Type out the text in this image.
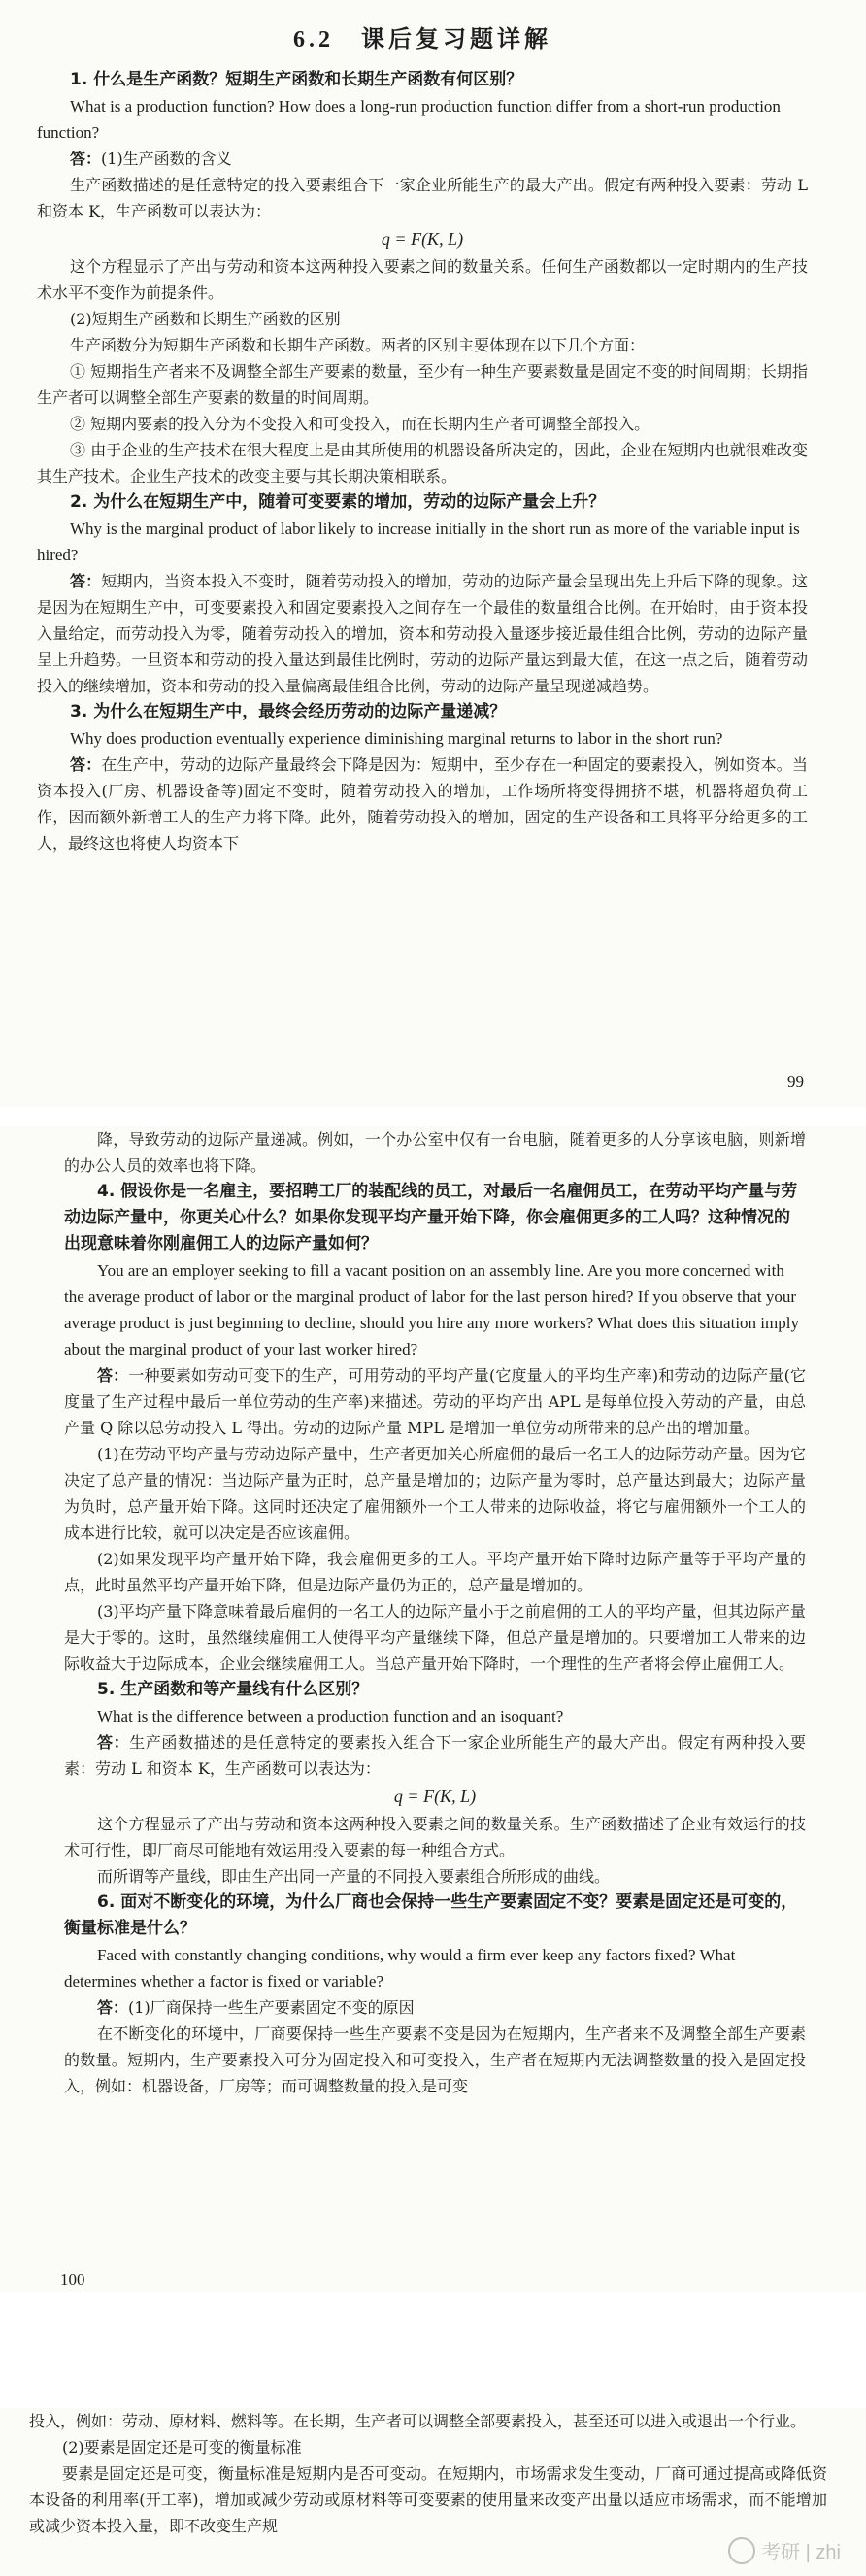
6.2　课后复习题详解

1. 什么是生产函数？短期生产函数和长期生产函数有何区别？

What is a production function? How does a long-run production function differ from a short-run production function?

答：(1)生产函数的含义

生产函数描述的是任意特定的投入要素组合下一家企业所能生产的最大产出。假定有两种投入要素：劳动 L 和资本 K，生产函数可以表达为：

q = F(K, L)

这个方程显示了产出与劳动和资本这两种投入要素之间的数量关系。任何生产函数都以一定时期内的生产技术水平不变作为前提条件。

(2)短期生产函数和长期生产函数的区别

生产函数分为短期生产函数和长期生产函数。两者的区别主要体现在以下几个方面：

① 短期指生产者来不及调整全部生产要素的数量，至少有一种生产要素数量是固定不变的时间周期；长期指生产者可以调整全部生产要素的数量的时间周期。

② 短期内要素的投入分为不变投入和可变投入，而在长期内生产者可调整全部投入。

③ 由于企业的生产技术在很大程度上是由其所使用的机器设备所决定的，因此，企业在短期内也就很难改变其生产技术。企业生产技术的改变主要与其长期决策相联系。

2. 为什么在短期生产中，随着可变要素的增加，劳动的边际产量会上升？

Why is the marginal product of labor likely to increase initially in the short run as more of the variable input is hired?

答：短期内，当资本投入不变时，随着劳动投入的增加，劳动的边际产量会呈现出先上升后下降的现象。这是因为在短期生产中，可变要素投入和固定要素投入之间存在一个最佳的数量组合比例。在开始时，由于资本投入量给定，而劳动投入为零，随着劳动投入的增加，资本和劳动投入量逐步接近最佳组合比例，劳动的边际产量呈上升趋势。一旦资本和劳动的投入量达到最佳比例时，劳动的边际产量达到最大值，在这一点之后，随着劳动投入的继续增加，资本和劳动的投入量偏离最佳组合比例，劳动的边际产量呈现递减趋势。

3. 为什么在短期生产中，最终会经历劳动的边际产量递减？

Why does production eventually experience diminishing marginal returns to labor in the short run?

答：在生产中，劳动的边际产量最终会下降是因为：短期中，至少存在一种固定的要素投入，例如资本。当资本投入(厂房、机器设备等)固定不变时，随着劳动投入的增加，工作场所将变得拥挤不堪，机器将超负荷工作，因而额外新增工人的生产力将下降。此外，随着劳动投入的增加，固定的生产设备和工具将平分给更多的工人，最终这也将使人均资本下

99

降，导致劳动的边际产量递减。例如，一个办公室中仅有一台电脑，随着更多的人分享该电脑，则新增的办公人员的效率也将下降。

4. 假设你是一名雇主，要招聘工厂的装配线的员工，对最后一名雇佣员工，在劳动平均产量与劳动边际产量中，你更关心什么？如果你发现平均产量开始下降，你会雇佣更多的工人吗？这种情况的出现意味着你刚雇佣工人的边际产量如何？

You are an employer seeking to fill a vacant position on an assembly line. Are you more concerned with the average product of labor or the marginal product of labor for the last person hired? If you observe that your average product is just beginning to decline, should you hire any more workers? What does this situation imply about the marginal product of your last worker hired?

答：一种要素如劳动可变下的生产，可用劳动的平均产量(它度量人的平均生产率)和劳动的边际产量(它度量了生产过程中最后一单位劳动的生产率)来描述。劳动的平均产出 APL 是每单位投入劳动的产量，由总产量 Q 除以总劳动投入 L 得出。劳动的边际产量 MPL 是增加一单位劳动所带来的总产出的增加量。

(1)在劳动平均产量与劳动边际产量中，生产者更加关心所雇佣的最后一名工人的边际劳动产量。因为它决定了总产量的情况：当边际产量为正时，总产量是增加的；边际产量为零时，总产量达到最大；边际产量为负时，总产量开始下降。这同时还决定了雇佣额外一个工人带来的边际收益，将它与雇佣额外一个工人的成本进行比较，就可以决定是否应该雇佣。

(2)如果发现平均产量开始下降，我会雇佣更多的工人。平均产量开始下降时边际产量等于平均产量的点，此时虽然平均产量开始下降，但是边际产量仍为正的，总产量是增加的。

(3)平均产量下降意味着最后雇佣的一名工人的边际产量小于之前雇佣的工人的平均产量，但其边际产量是大于零的。这时，虽然继续雇佣工人使得平均产量继续下降，但总产量是增加的。只要增加工人带来的边际收益大于边际成本，企业会继续雇佣工人。当总产量开始下降时，一个理性的生产者将会停止雇佣工人。

5. 生产函数和等产量线有什么区别？

What is the difference between a production function and an isoquant?

答：生产函数描述的是任意特定的要素投入组合下一家企业所能生产的最大产出。假定有两种投入要素：劳动 L 和资本 K，生产函数可以表达为：

q = F(K, L)

这个方程显示了产出与劳动和资本这两种投入要素之间的数量关系。生产函数描述了企业有效运行的技术可行性，即厂商尽可能地有效运用投入要素的每一种组合方式。

而所谓等产量线，即由生产出同一产量的不同投入要素组合所形成的曲线。

6. 面对不断变化的环境，为什么厂商也会保持一些生产要素固定不变？要素是固定还是可变的，衡量标准是什么？

Faced with constantly changing conditions, why would a firm ever keep any factors fixed? What determines whether a factor is fixed or variable?

答：(1)厂商保持一些生产要素固定不变的原因

在不断变化的环境中，厂商要保持一些生产要素不变是因为在短期内，生产者来不及调整全部生产要素的数量。短期内，生产要素投入可分为固定投入和可变投入，生产者在短期内无法调整数量的投入是固定投入，例如：机器设备，厂房等；而可调整数量的投入是可变

100

投入，例如：劳动、原材料、燃料等。在长期，生产者可以调整全部要素投入，甚至还可以进入或退出一个行业。

(2)要素是固定还是可变的衡量标准

要素是固定还是可变，衡量标准是短期内是否可变动。在短期内，市场需求发生变动，厂商可通过提高或降低资本设备的利用率(开工率)，增加或减少劳动或原材料等可变要素的使用量来改变产出量以适应市场需求，而不能增加或减少资本投入量，即不改变生产规

考研 | zhi
